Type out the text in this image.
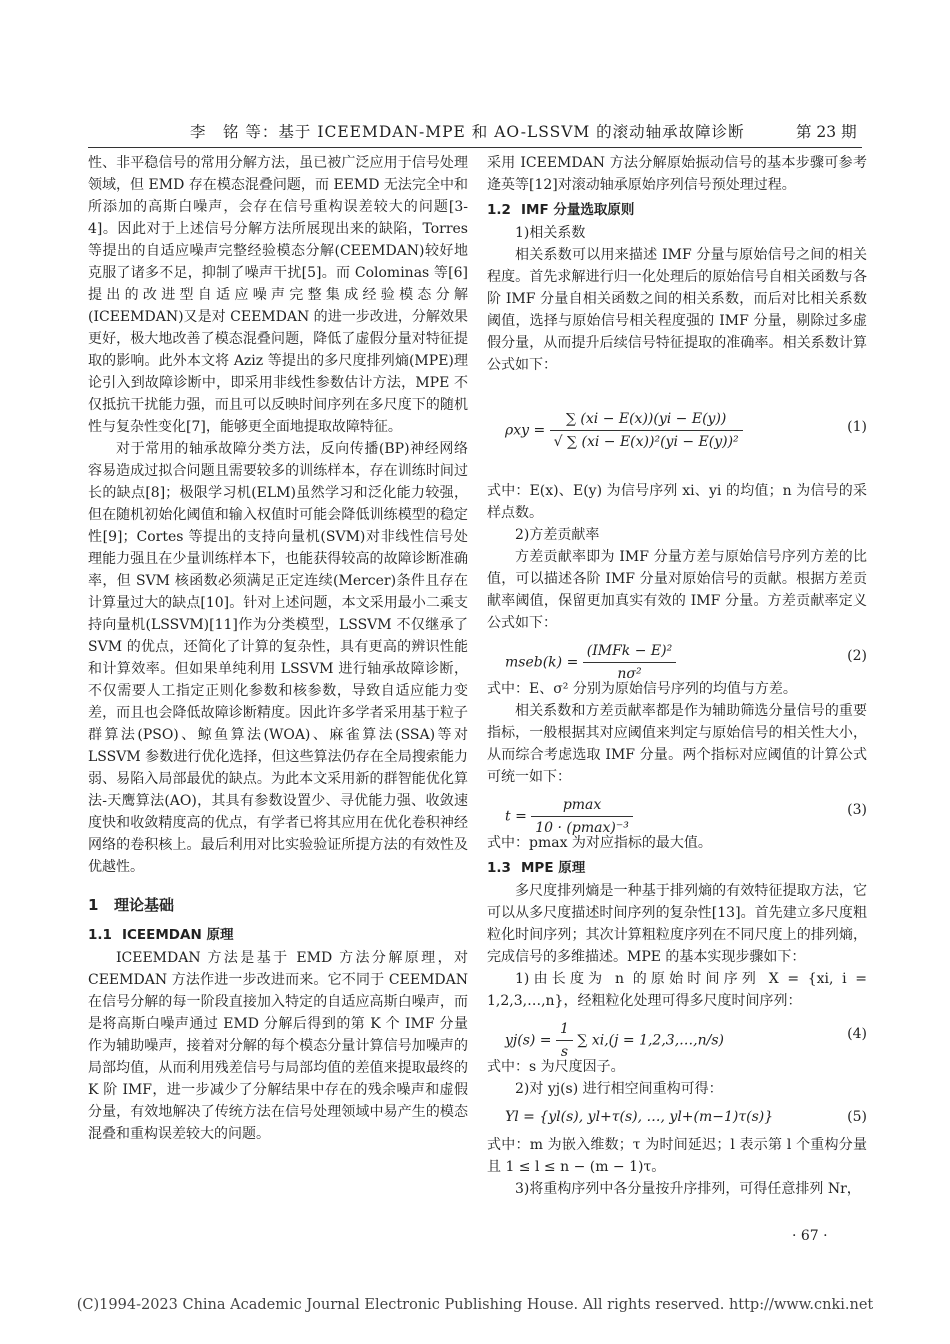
李　铭 等：基于 ICEEMDAN-MPE 和 AO-LSSVM 的滚动轴承故障诊断	第 23 期

性、非平稳信号的常用分解方法，虽已被广泛应用于信号处理领域，但 EMD 存在模态混叠问题，而 EEMD 无法完全中和所添加的高斯白噪声，会存在信号重构误差较大的问题[3-4]。因此对于上述信号分解方法所展现出来的缺陷，Torres 等提出的自适应噪声完整经验模态分解(CEEMDAN)较好地克服了诸多不足，抑制了噪声干扰[5]。而 Colominas 等[6]提出的改进型自适应噪声完整集成经验模态分解(ICEEMDAN)又是对 CEEMDAN 的进一步改进，分解效果更好，极大地改善了模态混叠问题，降低了虚假分量对特征提取的影响。此外本文将 Aziz 等提出的多尺度排列熵(MPE)理论引入到故障诊断中，即采用非线性参数估计方法，MPE 不仅抵抗干扰能力强，而且可以反映时间序列在多尺度下的随机性与复杂性变化[7]，能够更全面地提取故障特征。

对于常用的轴承故障分类方法，反向传播(BP)神经网络容易造成过拟合问题且需要较多的训练样本，存在训练时间过长的缺点[8]；极限学习机(ELM)虽然学习和泛化能力较强，但在随机初始化阈值和输入权值时可能会降低训练模型的稳定性[9]；Cortes 等提出的支持向量机(SVM)对非线性信号处理能力强且在少量训练样本下，也能获得较高的故障诊断准确率，但 SVM 核函数必须满足正定连续(Mercer)条件且存在计算量过大的缺点[10]。针对上述问题，本文采用最小二乘支持向量机(LSSVM)[11]作为分类模型，LSSVM 不仅继承了 SVM 的优点，还简化了计算的复杂性，具有更高的辨识性能和计算效率。但如果单纯利用 LSSVM 进行轴承故障诊断，不仅需要人工指定正则化参数和核参数，导致自适应能力变差，而且也会降低故障诊断精度。因此许多学者采用基于粒子群算法(PSO)、鲸鱼算法(WOA)、麻雀算法(SSA)等对 LSSVM 参数进行优化选择，但这些算法仍存在全局搜索能力弱、易陷入局部最优的缺点。为此本文采用新的群智能优化算法-天鹰算法(AO)，其具有参数设置少、寻优能力强、收敛速度快和收敛精度高的优点，有学者已将其应用在优化卷积神经网络的卷积核上。最后利用对比实验验证所提方法的有效性及优越性。

1 理论基础
1.1 ICEEMDAN 原理

ICEEMDAN 方法是基于 EMD 方法分解原理，对 CEEMDAN 方法作进一步改进而来。它不同于 CEEMDAN 在信号分解的每一阶段直接加入特定的自适应高斯白噪声，而是将高斯白噪声通过 EMD 分解后得到的第 K 个 IMF 分量作为辅助噪声，接着对分解的每个模态分量计算信号加噪声的局部均值，从而利用残差信号与局部均值的差值来提取最终的 K 阶 IMF，进一步减少了分解结果中存在的残余噪声和虚假分量，有效地解决了传统方法在信号处理领域中易产生的模态混叠和重构误差较大的问题。

采用 ICEEMDAN 方法分解原始振动信号的基本步骤可参考逄英等[12]对滚动轴承原始序列信号预处理过程。

1.2 IMF 分量选取原则

1)相关系数

相关系数可以用来描述 IMF 分量与原始信号之间的相关程度。首先求解进行归一化处理后的原始信号自相关函数与各阶 IMF 分量自相关函数之间的相关系数，而后对比相关系数阈值，选择与原始信号相关程度强的 IMF 分量，剔除过多虚假分量，从而提升后续信号特征提取的准确率。相关系数计算公式如下：

$\rho xy = \frac{\sum (xi - E(x))(yi - E(y))}{\text{√ ∑ (xi − E(x))²(yi − E(y))²}}$	(1)

式中：E(x)、E(y) 为信号序列 xi、yi 的均值；n 为信号的采样点数。

2)方差贡献率

方差贡献率即为 IMF 分量方差与原始信号序列方差的比值，可以描述各阶 IMF 分量对原始信号的贡献。根据方差贡献率阈值，保留更加真实有效的 IMF 分量。方差贡献率定义公式如下：

mseb(k) = $\frac{\text{(IMFk − E)²}}{\text{nσ²}}$	(2)

式中：E、σ² 分别为原始信号序列的均值与方差。

相关系数和方差贡献率都是作为辅助筛选分量信号的重要指标，一般根据其对应阈值来判定与原始信号的相关性大小，从而综合考虑选取 IMF 分量。两个指标对应阈值的计算公式可统一如下：

$t = \frac{pmax}{\text{10 · (pmax)⁻³}}$	(3)

式中：pmax 为对应指标的最大值。

1.3 MPE 原理

多尺度排列熵是一种基于排列熵的有效特征提取方法，它可以从多尺度描述时间序列的复杂性[13]。首先建立多尺度粗粒化时间序列；其次计算粗粒度序列在不同尺度上的排列熵，完成信号的多维描述。MPE 的基本实现步骤如下：

1)由长度为 n 的原始时间序列 X = {xi, i = 1,2,3,…,n}，经粗粒化处理可得多尺度时间序列：

$yj(s) = \frac{1}{s}$ ∑ xi,(j = 1,2,3,…,n/s)	(4)

式中：s 为尺度因子。

2)对 yj(s) 进行相空间重构可得：

Yl = {yl(s), yl+τ(s), …, yl+(m−1)τ(s)}	(5)

式中：m 为嵌入维数；τ 为时间延迟；l 表示第 l 个重构分量且 1 ≤ l ≤ n − (m − 1)τ。

3)将重构序列中各分量按升序排列，可得任意排列 Nr，

· 67 ·
(C)1994-2023 China Academic Journal Electronic Publishing House. All rights reserved. http://www.cnki.net
